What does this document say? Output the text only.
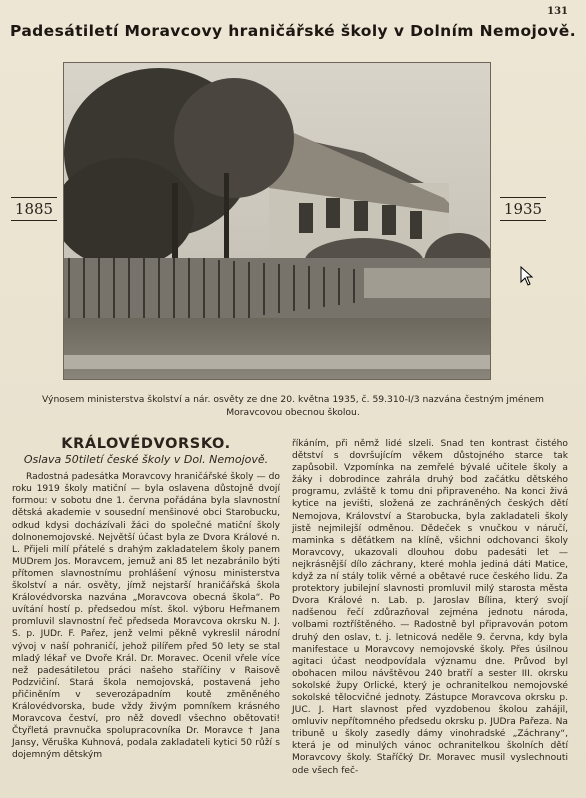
131
Padesátiletí Moravcovy hraničářské školy v Dolním Nemojově.
1885	1935
Výnosem ministerstva školství a nár. osvěty ze dne 20. května 1935, č. 59.310-I/3 nazvána čestným jménem
Moravcovou obecnou školou.
KRÁLOVÉDVORSKO.
Oslava 50tiletí české školy v Dol. Nemojově.

Radostná padesátka Moravcovy hraničářské školy — do roku 1919 školy matiční — byla oslavena důstojně dvojí formou: v sobotu dne 1. června pořádána byla slavnostní dětská akademie v sousední menšinové obci Starobucku, odkud kdysi docházívali žáci do společné matiční školy dolnonemojovské. Největší účast byla ze Dvora Králové n. L. Přijeli milí přátelé s drahým zakladatelem školy panem MUDrem Jos. Moravcem, jemuž ani 85 let nezabránilo býti přítomen slavnostnímu prohlášení výnosu ministerstva školství a nár. osvěty, jímž nejstarší hraničářská škola Královédvorska nazvána „Moravcova obecná škola“. Po uvítání hostí p. předsedou míst. škol. výboru Heřmanem promluvil slavnostní řeč předseda Moravcova okrsku N. J. S. p. JUDr. F. Pařez, jenž velmi pěkně vykreslil národní vývoj v naší pohraničí, jehož pilířem před 50 lety se stal mladý lékař ve Dvoře Král. Dr. Moravec. Ocenil vřele více než padesátiletou práci našeho staříčiny v Raisově Podzvičiní. Stará škola nemojovská, postavená jeho přičiněním v severozápadním koutě změněného Královédvorska, bude vždy živým pomníkem krásného Moravcova čeství, pro něž dovedl všechno obětovati! Čtyřletá pravnučka spolupracovníka Dr. Moravce † Jana Jansy, Věruška Kuhnová, podala zakladateli kytici 50 růží s dojemným dětským

říkáním, při němž lidé slzeli. Snad ten kontrast čistého dětství s dovršujícím věkem důstojného starce tak zapůsobil. Vzpomínka na zemřelé bývalé učitele školy a žáky i dobrodince zahrála druhý bod začátku dětského programu, zvláště k tomu dni připraveného. Na konci živá kytice na jevišti, složená ze zachráněných českých dětí Nemojova, Království a Starobucka, byla zakladateli školy jistě nejmilejší odměnou. Dědeček s vnučkou v náručí, maminka s děťátkem na klíně, všichni odchovanci školy Moravcovy, ukazovali dlouhou dobu padesáti let — nejkrásnější dílo záchrany, které mohla jediná dáti Matice, když za ní stály tolik věrné a obětavé ruce českého lidu. Za protektory jubilejní slavnosti promluvil milý starosta města Dvora Králové n. Lab. p. Jaroslav Bílina, který svojí nadšenou řečí zdůrazňoval zejména jednotu národa, volbami roztříštěného. — Radostně byl připravován potom druhý den oslav, t. j. letnicová neděle 9. června, kdy byla manifestace u Moravcovy nemojovské školy. Přes úsilnou agitaci účast neodpovídala významu dne. Průvod byl obohacen milou návštěvou 240 bratří a sester III. okrsku sokolské župy Orlické, který je ochranitelkou nemojovské sokolské tělocvičné jednoty. Zástupce Moravcova okrsku p. JUC. J. Hart slavnost před vyzdobenou školou zahájil, omluviv nepřítomného předsedu okrsku p. JUDra Pařeza. Na tribuně u školy zasedly dámy vinohradské „Záchrany“, která je od minulých vánoc ochranitelkou školních dětí Moravcovy školy. Staříčký Dr. Moravec musil vyslechnouti ode všech feč-
